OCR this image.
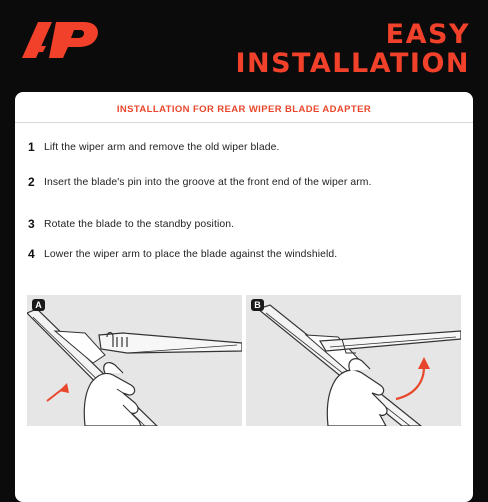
EASY
INSTALLATION
INSTALLATION FOR REAR WIPER BLADE ADAPTER
1 Lift the wiper arm and remove the old wiper blade.
2 Insert the blade's pin into the groove at the front end of the wiper arm.
3 Rotate the blade to the standby position.
4 Lower the wiper arm to place the blade against the windshield.
A	B
